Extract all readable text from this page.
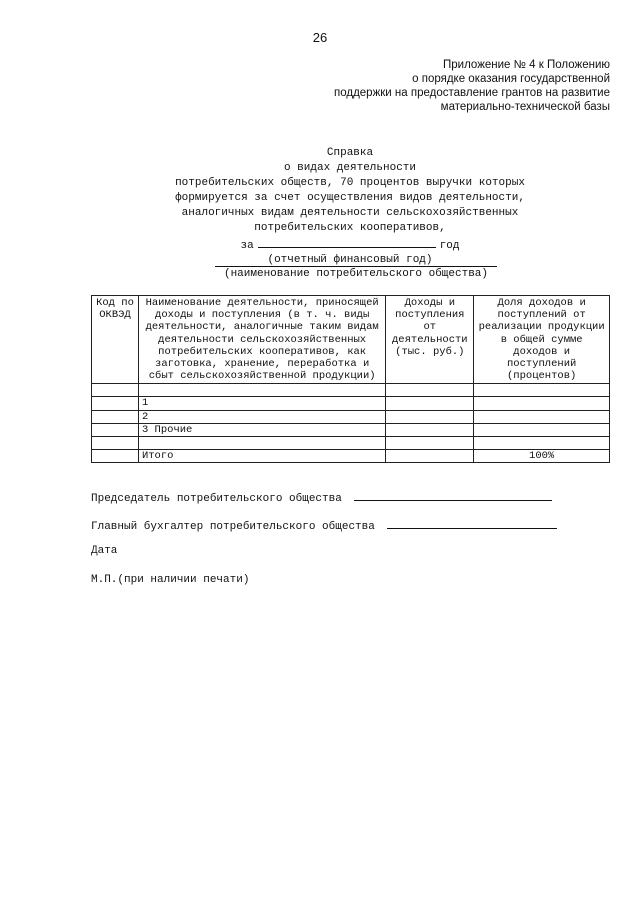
26
Приложение № 4 к Положению
о порядке оказания государственной
поддержки на предоставление грантов на развитие
материально-технической базы
Справка
о видах деятельности
потребительских обществ, 70 процентов выручки которых
формируется за счет осуществления видов деятельности,
аналогичных видам деятельности сельскохозяйственных
потребительских кооперативов,
за	год
(отчетный финансовый год)
(наименование потребительского общества)
Код по ОКВЭД	Наименование деятельности, приносящей доходы и поступления (в т. ч. виды деятельности, аналогичные таким видам деятельности сельскохозяйственных потребительских кооперативов, как заготовка, хранение, переработка и сбыт сельскохозяйственной продукции)	Доходы и поступления от деятельности (тыс. руб.)	Доля доходов и поступлений от реализации продукции в общей сумме доходов и поступлений (процентов)

	1		
	2		
	3 Прочие		

	Итого		100%
Председатель потребительского общества
Главный бухгалтер потребительского общества
Дата
М.П.(при наличии печати)
